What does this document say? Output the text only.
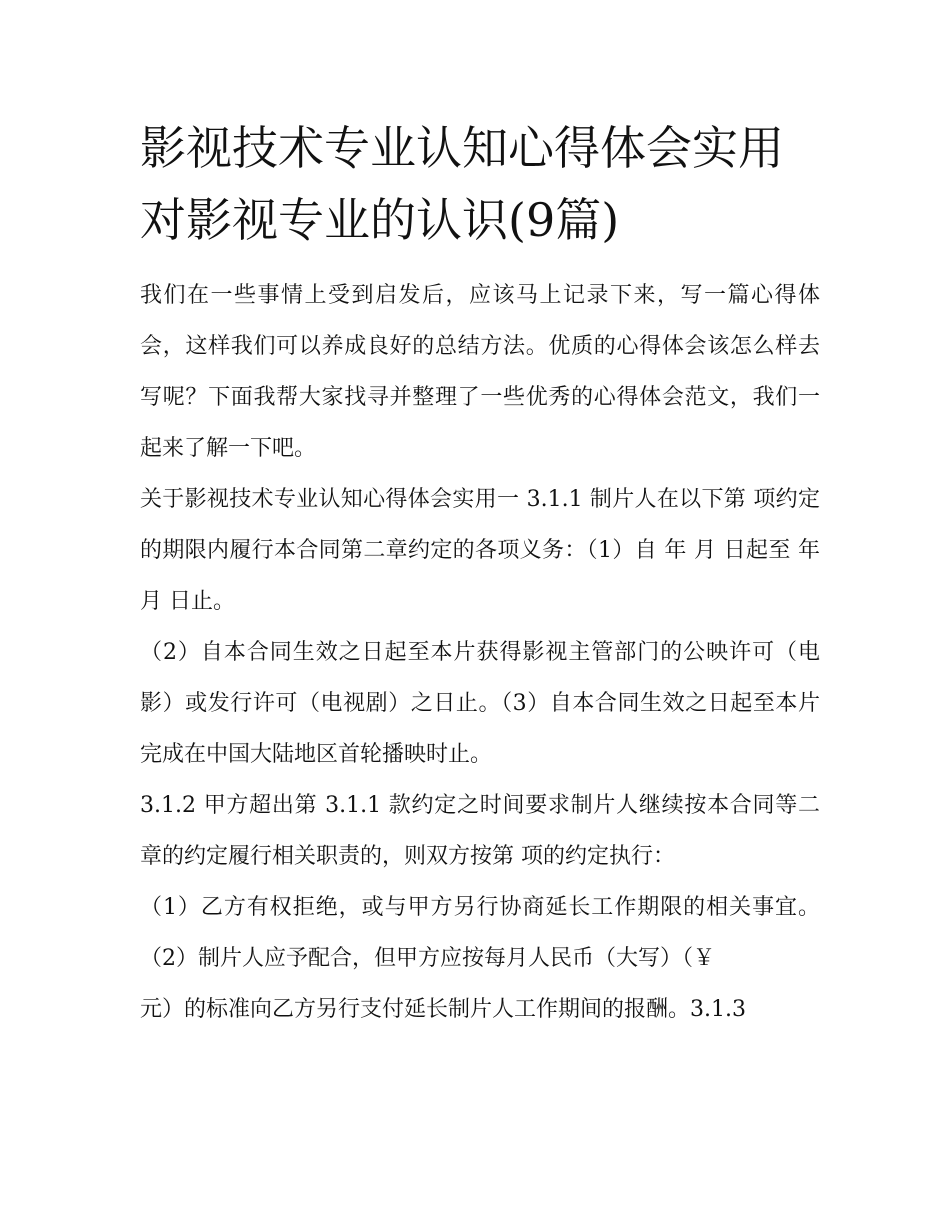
影视技术专业认知心得体会实用 对影视专业的认识(9篇)

我们在一些事情上受到启发后，应该马上记录下来，写一篇心得体会，这样我们可以养成良好的总结方法。优质的心得体会该怎么样去写呢？下面我帮大家找寻并整理了一些优秀的心得体会范文，我们一起来了解一下吧。

关于影视技术专业认知心得体会实用一 3.1.1 制片人在以下第 项约定的期限内履行本合同第二章约定的各项义务：（1）自 年 月 日起至 年 月 日止。

（2）自本合同生效之日起至本片获得影视主管部门的公映许可（电影）或发行许可（电视剧）之日止。（3）自本合同生效之日起至本片完成在中国大陆地区首轮播映时止。

3.1.2 甲方超出第 3.1.1 款约定之时间要求制片人继续按本合同等二章的约定履行相关职责的，则双方按第 项的约定执行：

（1）乙方有权拒绝，或与甲方另行协商延长工作期限的相关事宜。（2）制片人应予配合，但甲方应按每月人民币（大写）（￥

元）的标准向乙方另行支付延长制片人工作期间的报酬。3.1.3
